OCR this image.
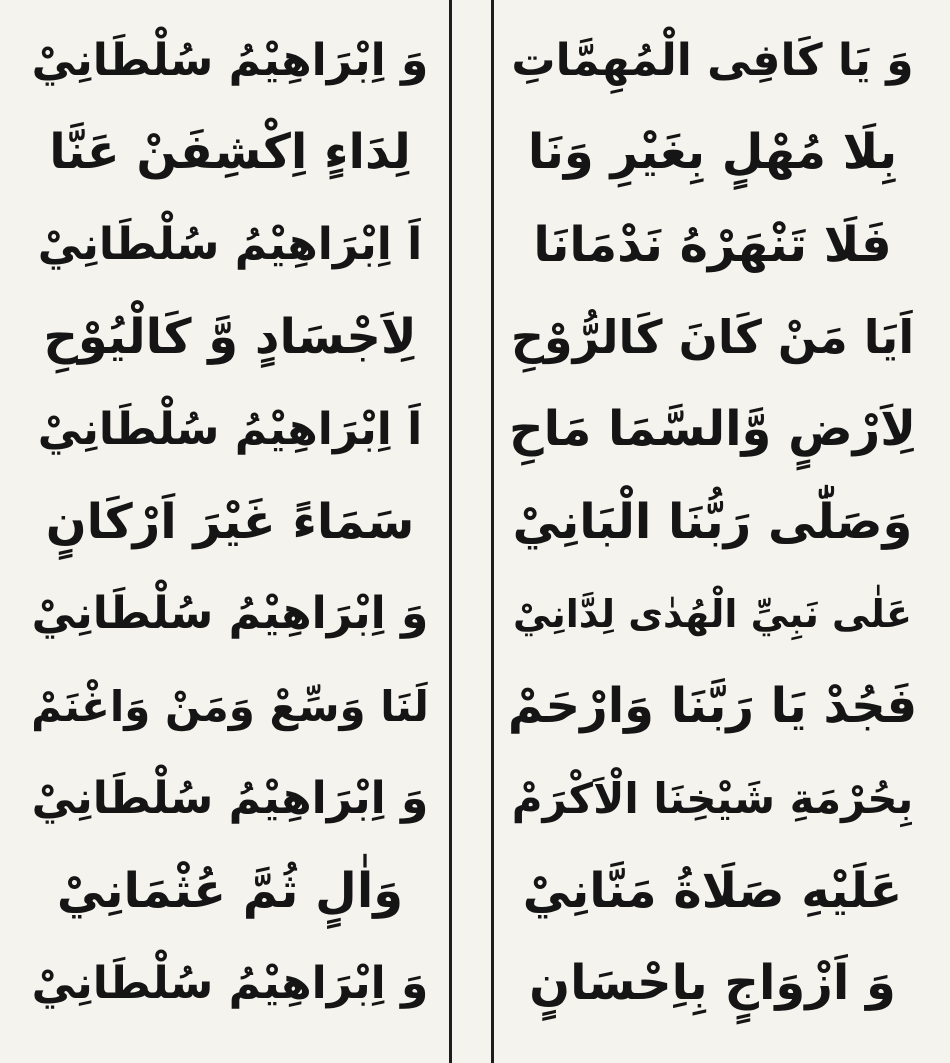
وَ يَا كَافِى الْمُهِمَّاتِ
بِلَا مُهْلٍ بِغَيْرِ وَنَا
فَلَا تَنْهَرْهُ نَدْمَانَا
اَيَا مَنْ كَانَ كَالرُّوْحِ
لِاَرْضٍ وَّالسَّمَا مَاحِ
وَصَلّٰى رَبُّنَا الْبَانِيْ
عَلٰى نَبِيِّ الْهُدٰى لِدَّانِيْ
فَجُدْ يَا رَبَّنَا وَارْحَمْ
بِحُرْمَةِ شَيْخِنَا الْاَكْرَمْ
عَلَيْهِ صَلَاةُ مَنَّانِيْ
وَ اَزْوَاجٍ بِاِحْسَانٍ
وَ اِبْرَاهِيْمُ سُلْطَانِيْ
لِدَاءٍ اِكْشِفَنْ عَنَّا
اَ اِبْرَاهِيْمُ سُلْطَانِيْ
لِاَجْسَادٍ وَّ كَالْيُوْحِ
اَ اِبْرَاهِيْمُ سُلْطَانِيْ
سَمَاءً غَيْرَ اَرْكَانٍ
وَ اِبْرَاهِيْمُ سُلْطَانِيْ
لَنَا وَسِّعْ وَمَنْ وَاغْنَمْ
وَ اِبْرَاهِيْمُ سُلْطَانِيْ
وَاٰلٍ ثُمَّ عُثْمَانِيْ
وَ اِبْرَاهِيْمُ سُلْطَانِيْ
